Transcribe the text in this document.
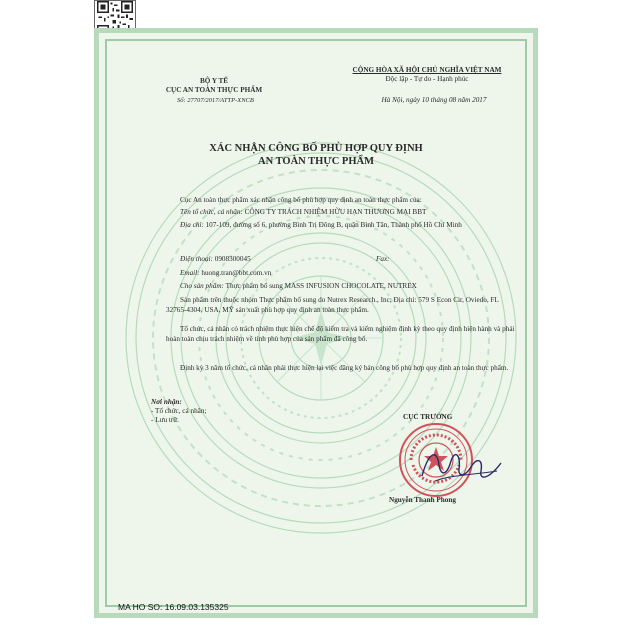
BỘ Y TẾ
CỤC AN TOÀN THỰC PHẨM
Số: 27707/2017/ATTP-XNCB
CỘNG HÒA XÃ HỘI CHỦ NGHĨA VIỆT NAM
Độc lập - Tự do - Hạnh phúc
Hà Nội, ngày 10 tháng 08 năm 2017
XÁC NHẬN CÔNG BỐ PHÙ HỢP QUY ĐỊNH
AN TOÀN THỰC PHẨM
Cục An toàn thực phẩm xác nhận công bố phù hợp quy định an toàn thực phẩm của:
Tên tổ chức, cá nhân: CÔNG TY TRÁCH NHIỆM HỮU HẠN THƯƠNG MẠI BBT
Địa chỉ: 107-109, đường số 6, phường Bình Trị Đông B, quận Bình Tân, Thành phố Hồ Chí Minh
Điện thoại: 0908300045	Fax:
Email: huong.tran@bbt.com.vn
Cho sản phẩm: Thực phẩm bổ sung MASS INFUSION CHOCOLATE, NUTREX
Sản phẩm trên thuộc nhóm Thực phẩm bổ sung do Nutrex Research., Inc; Địa chỉ: 579 S Econ Cir, Oviedo, FL 32765-4304, USA, MỸ sản xuất phù hợp quy định an toàn thực phẩm.
Tổ chức, cá nhân có trách nhiệm thực hiện chế độ kiểm tra và kiểm nghiệm định kỳ theo quy định hiện hành và phải hoàn toàn chịu trách nhiệm về tính phù hợp của sản phẩm đã công bố.
Định kỳ 3 năm tổ chức, cá nhân phải thực hiện lại việc đăng ký bản công bố phù hợp quy định an toàn thực phẩm.
Nơi nhận:
- Tổ chức, cá nhân;
- Lưu trữ.	CỤC TRƯỞNG
Nguyễn Thanh Phong
MA HO SO: 16.09.03.135325
